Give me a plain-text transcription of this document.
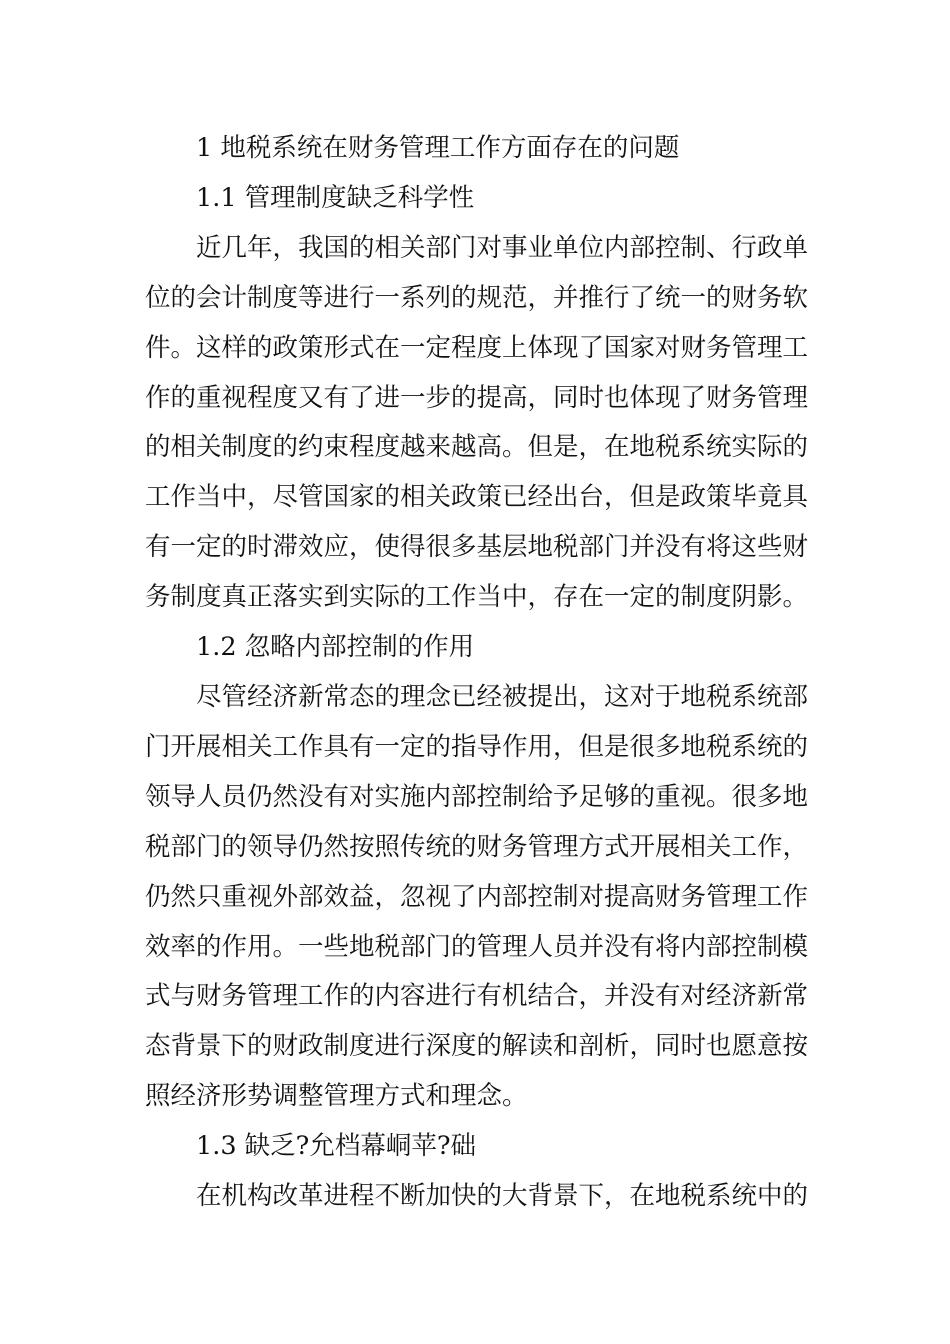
1 地税系统在财务管理工作方面存在的问题
1.1 管理制度缺乏科学性
近几年，我国的相关部门对事业单位内部控制、行政单
位的会计制度等进行一系列的规范，并推行了统一的财务软
件。这样的政策形式在一定程度上体现了国家对财务管理工
作的重视程度又有了进一步的提高，同时也体现了财务管理
的相关制度的约束程度越来越高。但是，在地税系统实际的
工作当中，尽管国家的相关政策已经出台，但是政策毕竟具
有一定的时滞效应，使得很多基层地税部门并没有将这些财
务制度真正落实到实际的工作当中，存在一定的制度阴影。
1.2 忽略内部控制的作用
尽管经济新常态的理念已经被提出，这对于地税系统部
门开展相关工作具有一定的指导作用，但是很多地税系统的
领导人员仍然没有对实施内部控制给予足够的重视。很多地
税部门的领导仍然按照传统的财务管理方式开展相关工作，
仍然只重视外部效益，忽视了内部控制对提高财务管理工作
效率的作用。一些地税部门的管理人员并没有将内部控制模
式与财务管理工作的内容进行有机结合，并没有对经济新常
态背景下的财政制度进行深度的解读和剖析，同时也愿意按
照经济形势调整管理方式和理念。
1.3 缺乏?允档幕峒苹?础
在机构改革进程不断加快的大背景下，在地税系统中的
